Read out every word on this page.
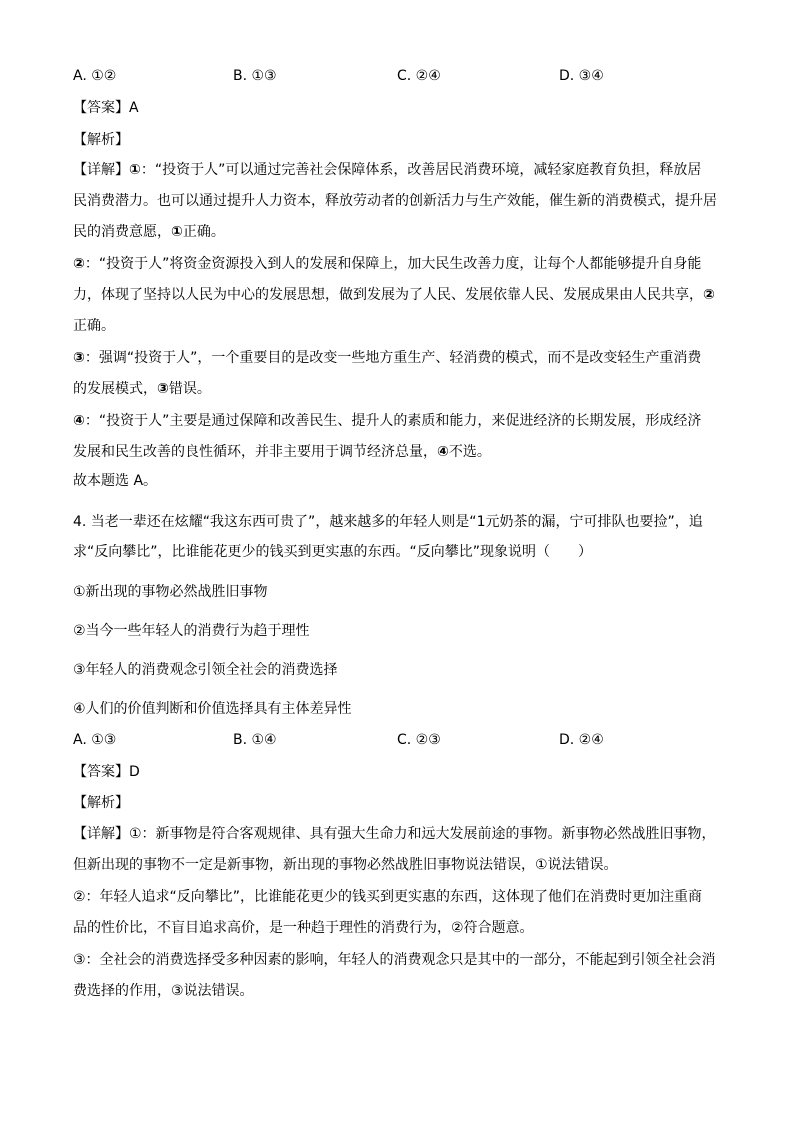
A. ①②	B. ①③	C. ②④	D. ③④
【答案】A
【解析】
【详解】①：“投资于人”可以通过完善社会保障体系，改善居民消费环境，减轻家庭教育负担，释放居
民消费潜力。也可以通过提升人力资本，释放劳动者的创新活力与生产效能，催生新的消费模式，提升居
民的消费意愿，①正确。
②：“投资于人”将资金资源投入到人的发展和保障上，加大民生改善力度，让每个人都能够提升自身能
力，体现了坚持以人民为中心的发展思想，做到发展为了人民、发展依靠人民、发展成果由人民共享，②
正确。
③：强调“投资于人”，一个重要目的是改变一些地方重生产、轻消费的模式，而不是改变轻生产重消费
的发展模式，③错误。
④：“投资于人”主要是通过保障和改善民生、提升人的素质和能力，来促进经济的长期发展，形成经济
发展和民生改善的良性循环，并非主要用于调节经济总量，④不选。
故本题选 A。
4. 当老一辈还在炫耀“我这东西可贵了”，越来越多的年轻人则是“1元奶茶的漏，宁可排队也要捡”，追
求“反向攀比”，比谁能花更少的钱买到更实惠的东西。“反向攀比”现象说明（　　）
①新出现的事物必然战胜旧事物
②当今一些年轻人的消费行为趋于理性
③年轻人的消费观念引领全社会的消费选择
④人们的价值判断和价值选择具有主体差异性
A. ①③	B. ①④	C. ②③	D. ②④
【答案】D
【解析】
【详解】①：新事物是符合客观规律、具有强大生命力和远大发展前途的事物。新事物必然战胜旧事物，
但新出现的事物不一定是新事物，新出现的事物必然战胜旧事物说法错误，①说法错误。
②：年轻人追求“反向攀比”，比谁能花更少的钱买到更实惠的东西，这体现了他们在消费时更加注重商
品的性价比，不盲目追求高价，是一种趋于理性的消费行为，②符合题意。
③：全社会的消费选择受多种因素的影响，年轻人的消费观念只是其中的一部分，不能起到引领全社会消
费选择的作用，③说法错误。
